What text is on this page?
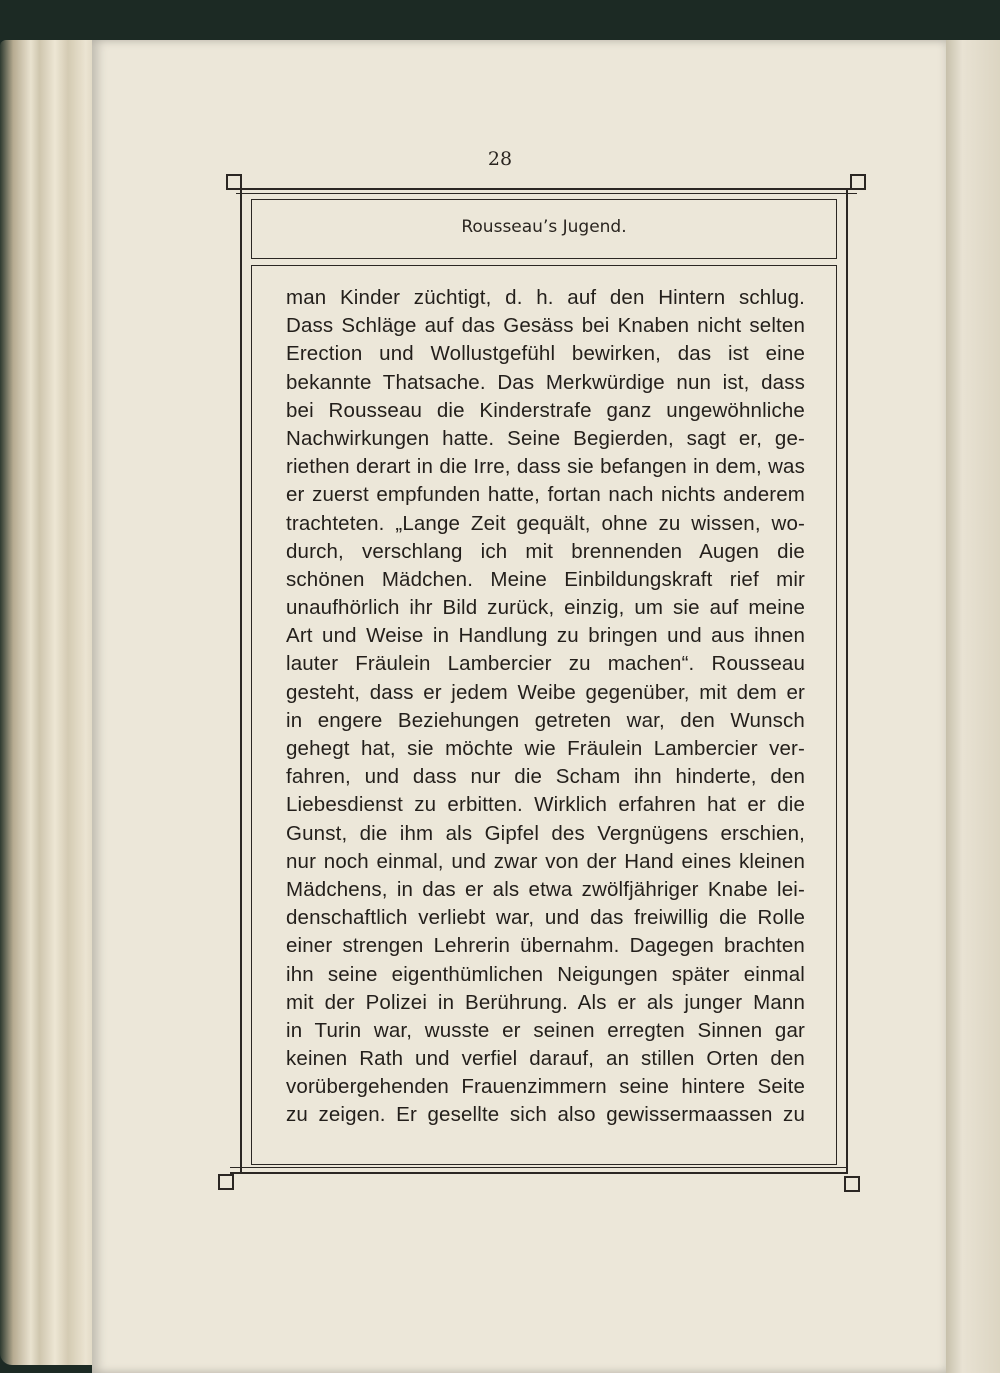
28
Rousseau’s Jugend.
man Kinder züchtigt, d. h. auf den Hintern schlug.
Dass Schläge auf das Gesäss bei Knaben nicht selten
Erection und Wollustgefühl bewirken, das ist eine
bekannte Thatsache. Das Merkwürdige nun ist, dass
bei Rousseau die Kinderstrafe ganz ungewöhnliche
Nachwirkungen hatte. Seine Begierden, sagt er, ge-
riethen derart in die Irre, dass sie befangen in dem, was
er zuerst empfunden hatte, fortan nach nichts anderem
trachteten. „Lange Zeit gequält, ohne zu wissen, wo-
durch, verschlang ich mit brennenden Augen die
schönen Mädchen. Meine Einbildungskraft rief mir
unaufhörlich ihr Bild zurück, einzig, um sie auf meine
Art und Weise in Handlung zu bringen und aus ihnen
lauter Fräulein Lambercier zu machen“. Rousseau
gesteht, dass er jedem Weibe gegenüber, mit dem er
in engere Beziehungen getreten war, den Wunsch
gehegt hat, sie möchte wie Fräulein Lambercier ver-
fahren, und dass nur die Scham ihn hinderte, den
Liebesdienst zu erbitten. Wirklich erfahren hat er die
Gunst, die ihm als Gipfel des Vergnügens erschien,
nur noch einmal, und zwar von der Hand eines kleinen
Mädchens, in das er als etwa zwölfjähriger Knabe lei-
denschaftlich verliebt war, und das freiwillig die Rolle
einer strengen Lehrerin übernahm. Dagegen brachten
ihn seine eigenthümlichen Neigungen später einmal
mit der Polizei in Berührung. Als er als junger Mann
in Turin war, wusste er seinen erregten Sinnen gar
keinen Rath und verfiel darauf, an stillen Orten den
vorübergehenden Frauenzimmern seine hintere Seite
zu zeigen. Er gesellte sich also gewissermaassen zu
